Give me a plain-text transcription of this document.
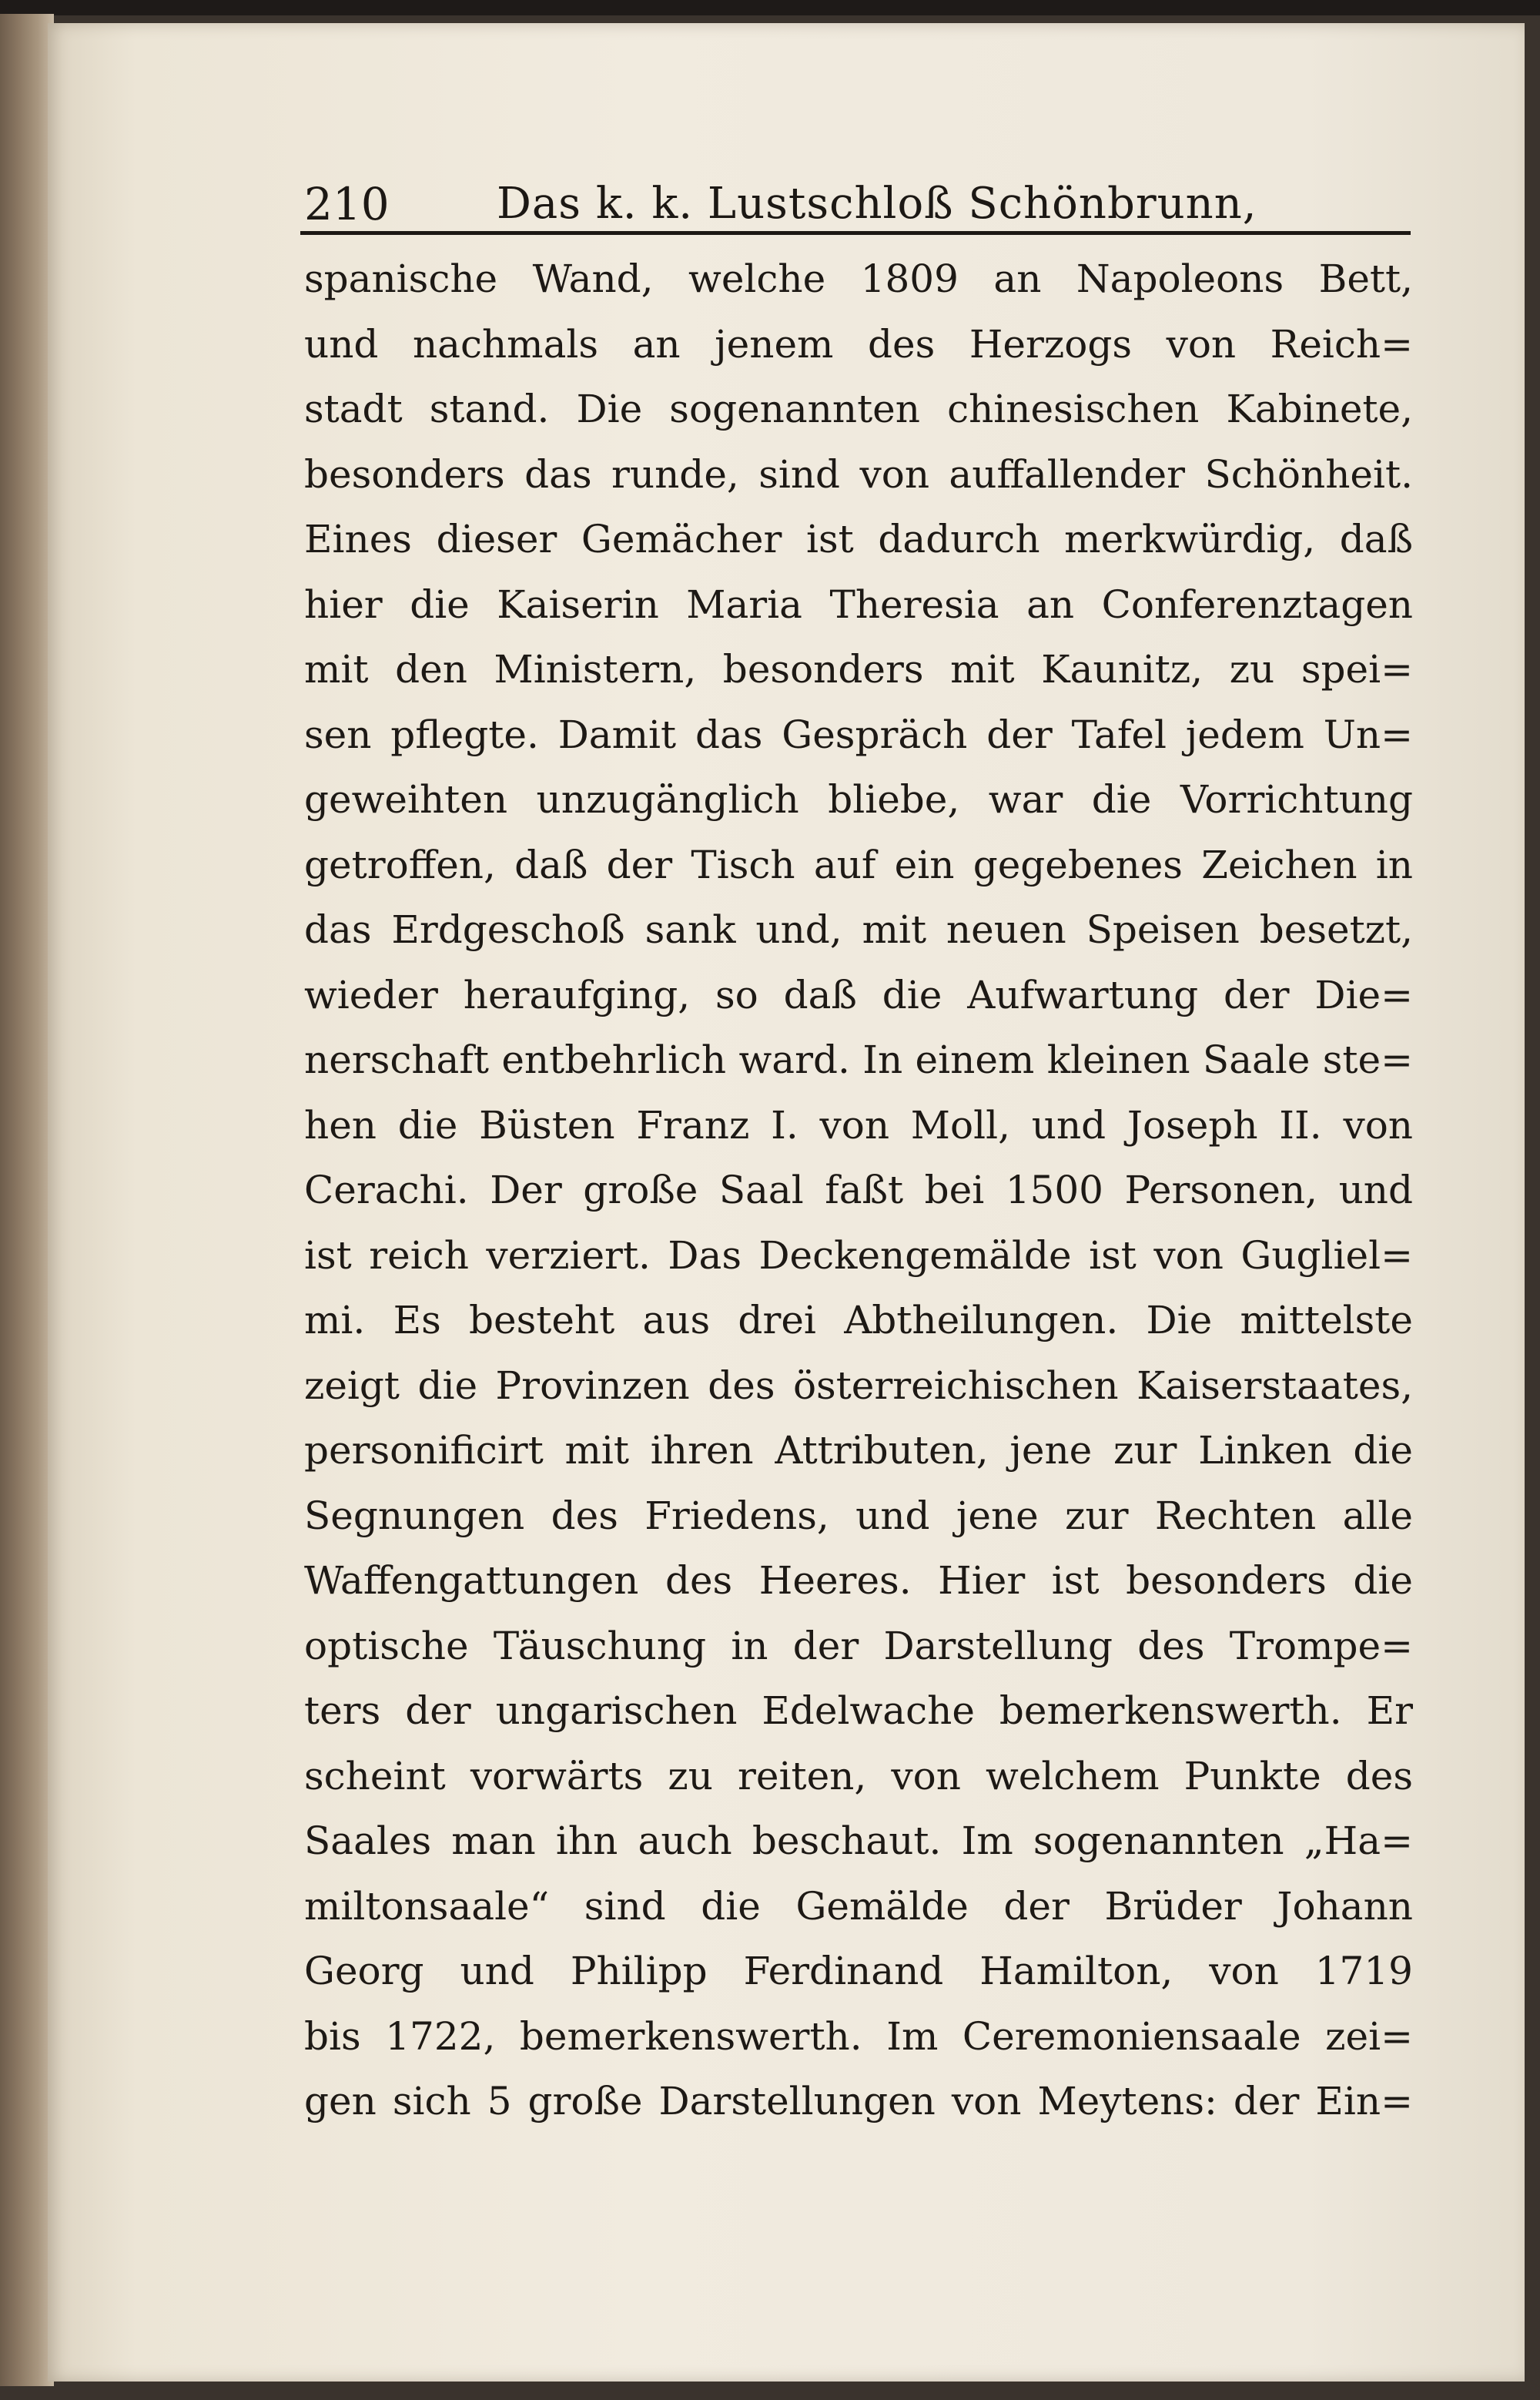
210 Das k. k. Lustschloß Schönbrunn,
spanische Wand, welche 1809 an Napoleons Bett,
und nachmals an jenem des Herzogs von Reich=
stadt stand. Die sogenannten chinesischen Kabinete,
besonders das runde, sind von auffallender Schönheit.
Eines dieser Gemächer ist dadurch merkwürdig, daß
hier die Kaiserin Maria Theresia an Conferenztagen
mit den Ministern, besonders mit Kaunitz, zu spei=
sen pflegte. Damit das Gespräch der Tafel jedem Un=
geweihten unzugänglich bliebe, war die Vorrichtung
getroffen, daß der Tisch auf ein gegebenes Zeichen in
das Erdgeschoß sank und, mit neuen Speisen besetzt,
wieder heraufging, so daß die Aufwartung der Die=
nerschaft entbehrlich ward. In einem kleinen Saale ste=
hen die Büsten Franz I. von Moll, und Joseph II. von
Cerachi. Der große Saal faßt bei 1500 Personen, und
ist reich verziert. Das Deckengemälde ist von Gugliel=
mi. Es besteht aus drei Abtheilungen. Die mittelste
zeigt die Provinzen des österreichischen Kaiserstaates,
personificirt mit ihren Attributen, jene zur Linken die
Segnungen des Friedens, und jene zur Rechten alle
Waffengattungen des Heeres. Hier ist besonders die
optische Täuschung in der Darstellung des Trompe=
ters der ungarischen Edelwache bemerkenswerth. Er
scheint vorwärts zu reiten, von welchem Punkte des
Saales man ihn auch beschaut. Im sogenannten „Ha=
miltonsaale“ sind die Gemälde der Brüder Johann
Georg und Philipp Ferdinand Hamilton, von 1719
bis 1722, bemerkenswerth. Im Ceremoniensaale zei=
gen sich 5 große Darstellungen von Meytens: der Ein=
